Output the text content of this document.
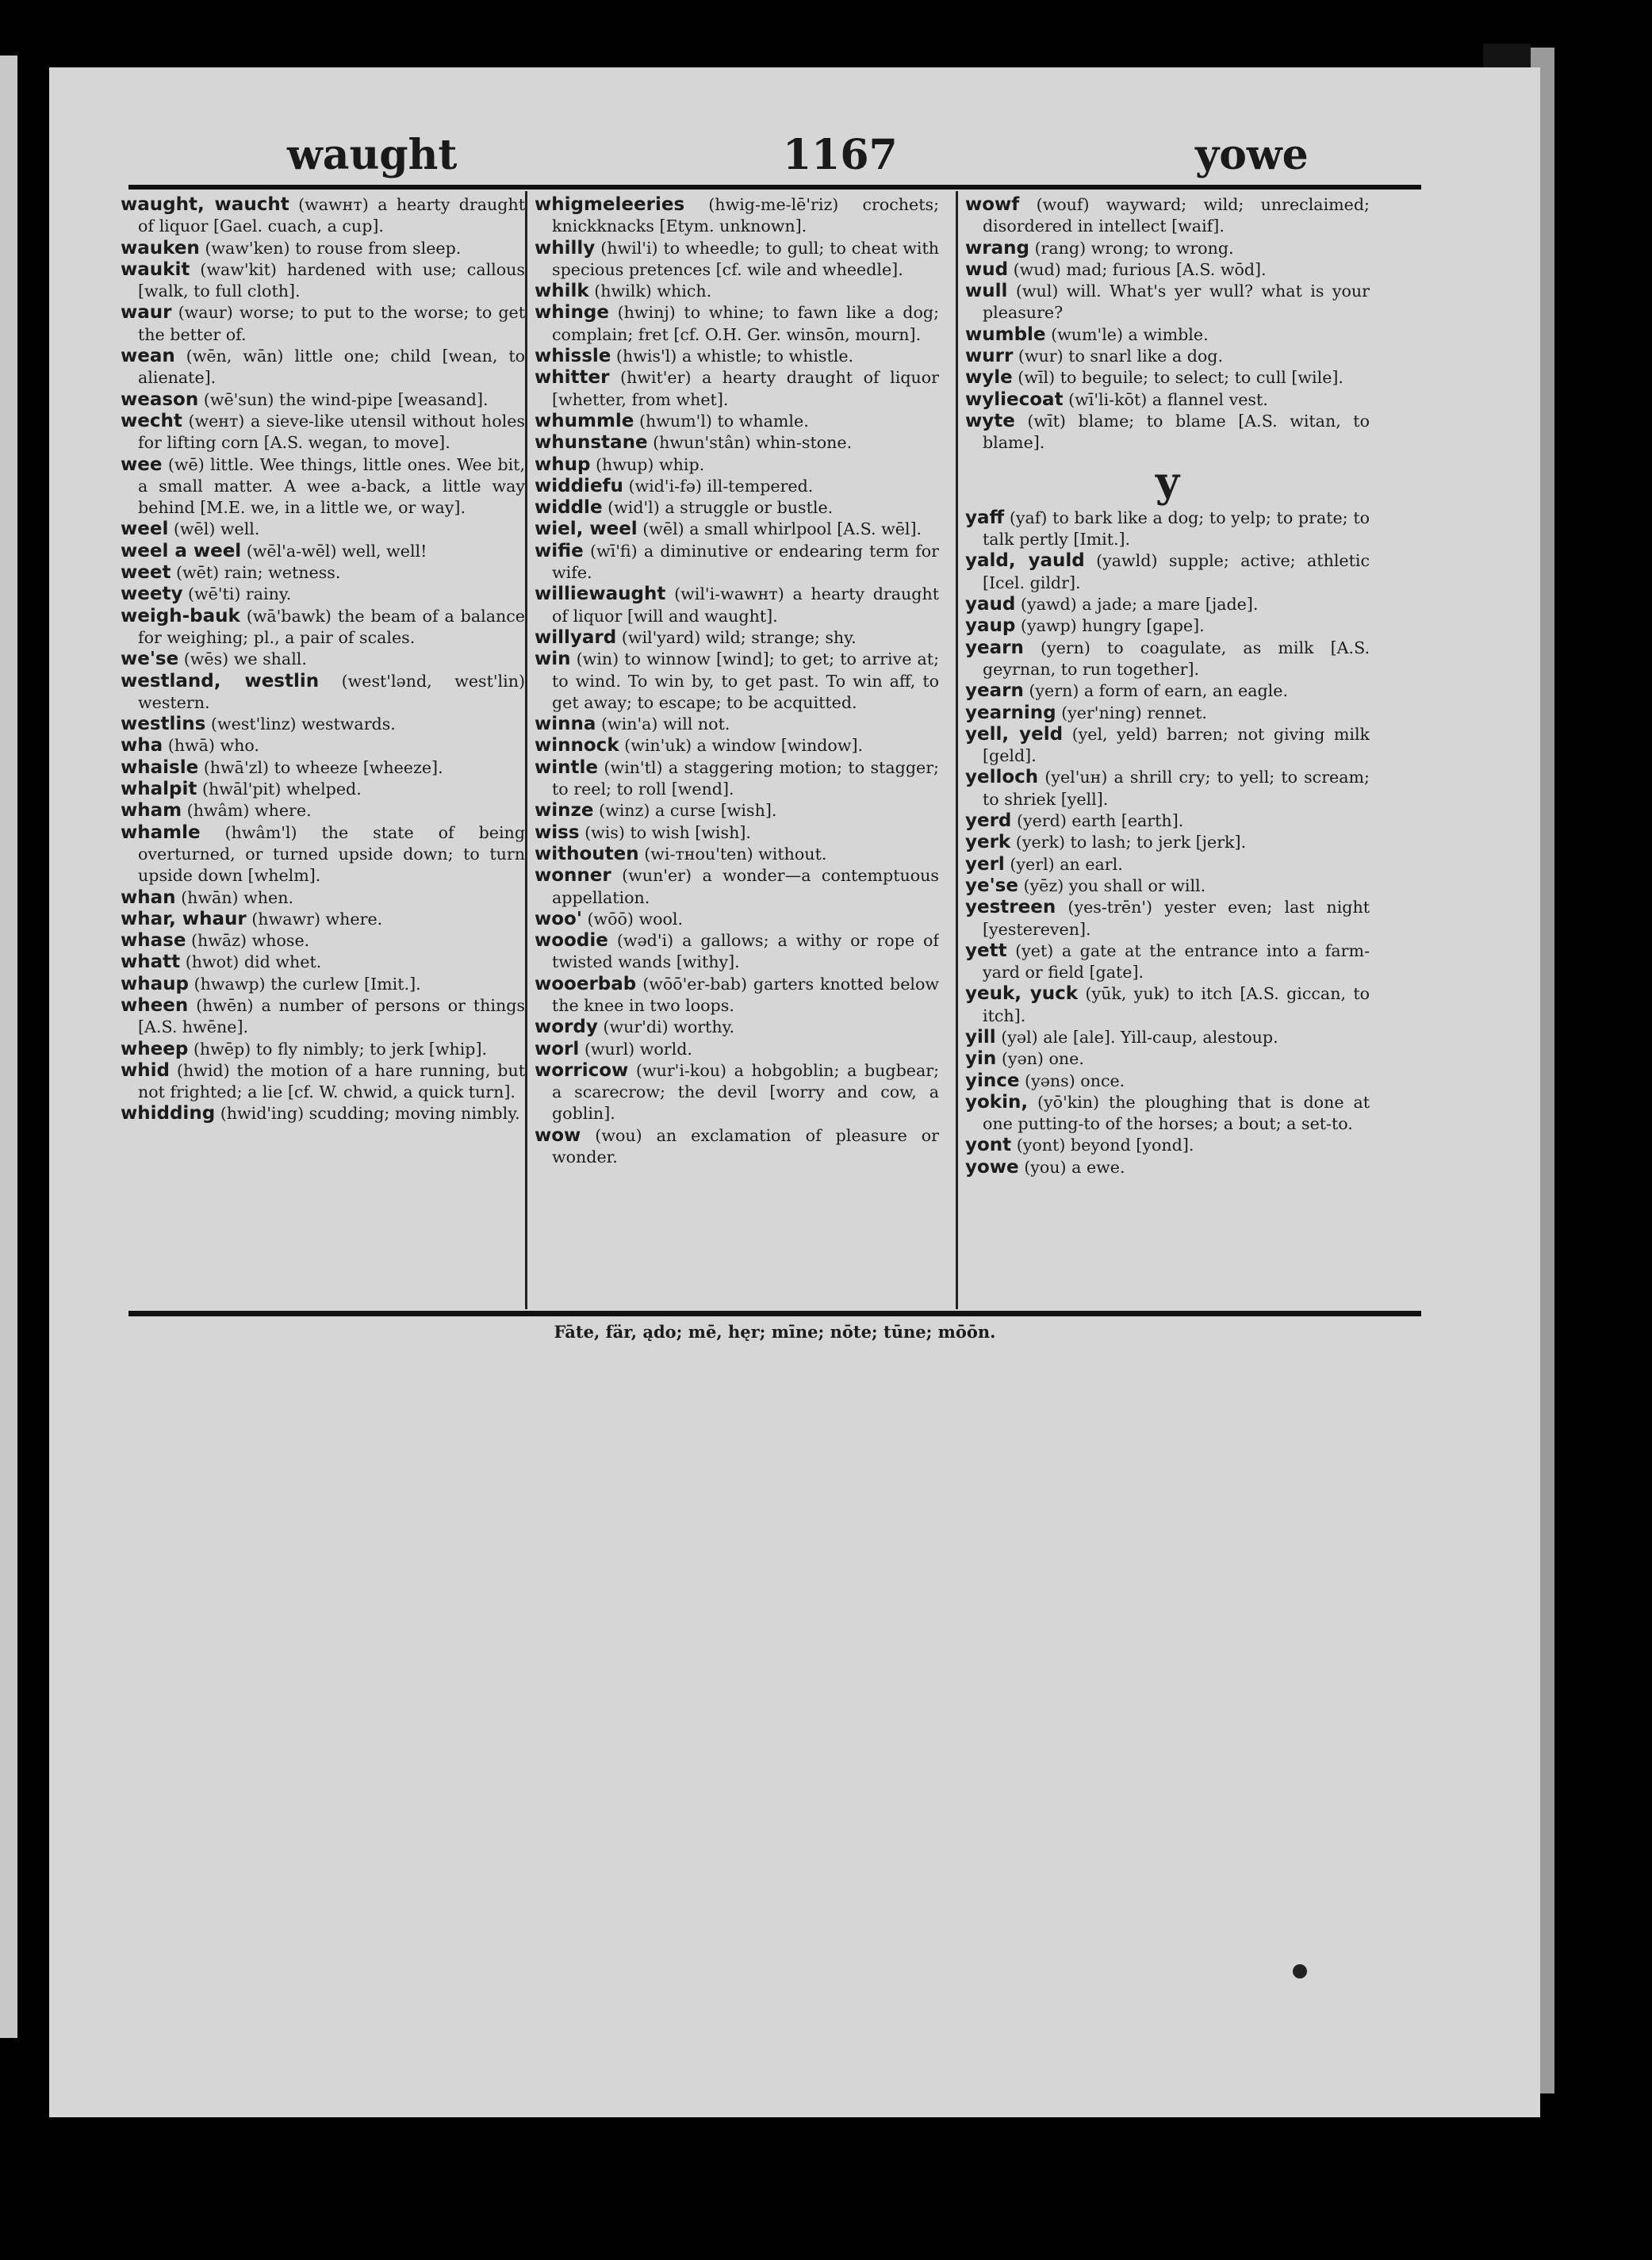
waught	1167	yowe

waught, waucht (wawʜт) a hearty draught of liquor [Gael. cuach, a cup].

wauken (waw'ken) to rouse from sleep.

waukit (waw'kit) hardened with use; callous [walk, to full cloth].

waur (waur) worse; to put to the worse; to get the better of.

wean (wēn, wān) little one; child [wean, to alienate].

weason (wē'sun) the wind-pipe [weasand].

wecht (weʜт) a sieve-like utensil without holes for lifting corn [A.S. wegan, to move].

wee (wē) little. Wee things, little ones. Wee bit, a small matter. A wee a-back, a little way behind [M.E. we, in a little we, or way].

weel (wēl) well.

weel a weel (wēl'a-wēl) well, well!

weet (wēt) rain; wetness.

weety (wē'ti) rainy.

weigh-bauk (wā'bawk) the beam of a balance for weighing; pl., a pair of scales.

we'se (wēs) we shall.

westland, westlin (west'lənd, west'lin) western.

westlins (west'linz) westwards.

wha (hwā) who.

whaisle (hwā'zl) to wheeze [wheeze].

whalpit (hwāl'pit) whelped.

wham (hwâm) where.

whamle (hwâm'l) the state of being overturned, or turned upside down; to turn upside down [whelm].

whan (hwān) when.

whar, whaur (hwawr) where.

whase (hwāz) whose.

whatt (hwot) did whet.

whaup (hwawp) the curlew [Imit.].

wheen (hwēn) a number of persons or things [A.S. hwēne].

wheep (hwēp) to fly nimbly; to jerk [whip].

whid (hwid) the motion of a hare running, but not frighted; a lie [cf. W. chwid, a quick turn].

whidding (hwid'ing) scudding; moving nimbly.

whigmeleeries (hwig-me-lē'riz) crochets; knickknacks [Etym. unknown].

whilly (hwil'i) to wheedle; to gull; to cheat with specious pretences [cf. wile and wheedle].

whilk (hwilk) which.

whinge (hwinj) to whine; to fawn like a dog; complain; fret [cf. O.H. Ger. winsōn, mourn].

whissle (hwis'l) a whistle; to whistle.

whitter (hwit'er) a hearty draught of liquor [whetter, from whet].

whummle (hwum'l) to whamle.

whunstane (hwun'stân) whin-stone.

whup (hwup) whip.

widdiefu (wid'i-fə) ill-tempered.

widdle (wid'l) a struggle or bustle.

wiel, weel (wēl) a small whirlpool [A.S. wēl].

wifie (wī'fi) a diminutive or endearing term for wife.

williewaught (wil'i-wawʜт) a hearty draught of liquor [will and waught].

willyard (wil'yard) wild; strange; shy.

win (win) to winnow [wind]; to get; to arrive at; to wind. To win by, to get past. To win aff, to get away; to escape; to be acquitted.

winna (win'a) will not.

winnock (win'uk) a window [window].

wintle (win'tl) a staggering motion; to stagger; to reel; to roll [wend].

winze (winz) a curse [wish].

wiss (wis) to wish [wish].

withouten (wi-ᴛʜou'ten) without.

wonner (wun'er) a wonder—a contemptuous appellation.

woo' (wōō) wool.

woodie (wəd'i) a gallows; a withy or rope of twisted wands [withy].

wooerbab (wōō'er-bab) garters knotted below the knee in two loops.

wordy (wur'di) worthy.

worl (wurl) world.

worricow (wur'i-kou) a hobgoblin; a bugbear; a scarecrow; the devil [worry and cow, a goblin].

wow (wou) an exclamation of pleasure or wonder.

wowf (wouf) wayward; wild; unreclaimed; disordered in intellect [waif].

wrang (rang) wrong; to wrong.

wud (wud) mad; furious [A.S. wōd].

wull (wul) will. What's yer wull? what is your pleasure?

wumble (wum'le) a wimble.

wurr (wur) to snarl like a dog.

wyle (wīl) to beguile; to select; to cull [wile].

wyliecoat (wī'li-kōt) a flannel vest.

wyte (wīt) blame; to blame [A.S. witan, to blame].

y

yaff (yaf) to bark like a dog; to yelp; to prate; to talk pertly [Imit.].

yald, yauld (yawld) supple; active; athletic [Icel. gildr].

yaud (yawd) a jade; a mare [jade].

yaup (yawp) hungry [gape].

yearn (yern) to coagulate, as milk [A.S. geyrnan, to run together].

yearn (yern) a form of earn, an eagle.

yearning (yer'ning) rennet.

yell, yeld (yel, yeld) barren; not giving milk [geld].

yelloch (yel'uʜ) a shrill cry; to yell; to scream; to shriek [yell].

yerd (yerd) earth [earth].

yerk (yerk) to lash; to jerk [jerk].

yerl (yerl) an earl.

ye'se (yēz) you shall or will.

yestreen (yes-trēn') yester even; last night [yestereven].

yett (yet) a gate at the entrance into a farm-yard or field [gate].

yeuk, yuck (yūk, yuk) to itch [A.S. giccan, to itch].

yill (yəl) ale [ale]. Yill-caup, alestoup.

yin (yən) one.

yince (yəns) once.

yokin, (yō'kin) the ploughing that is done at one putting-to of the horses; a bout; a set-to.

yont (yont) beyond [yond].

yowe (you) a ewe.

Fāte, fär, ądo; mē, hęr; mīne; nōte; tūne; mōōn.
